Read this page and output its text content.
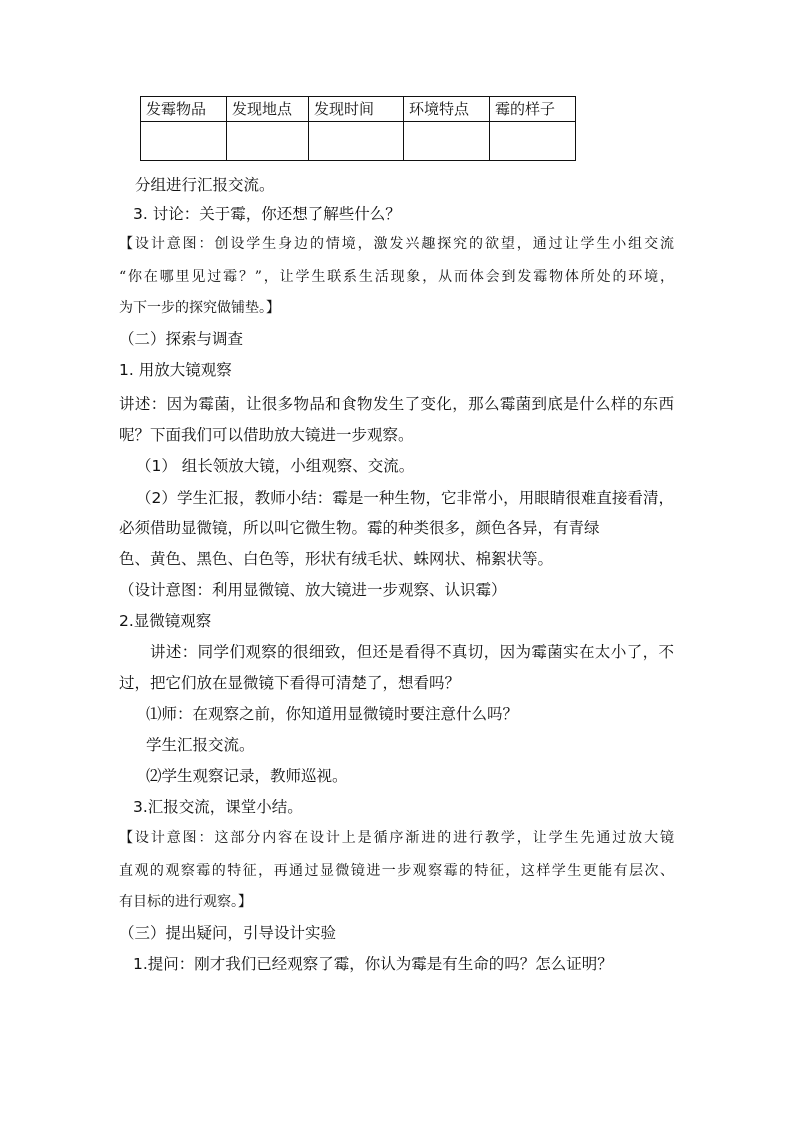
发霉物品	发现地点	发现时间	环境特点	霉的样子

分组进行汇报交流。
3. 讨论：关于霉，你还想了解些什么？
【设计意图：创设学生身边的情境，激发兴趣探究的欲望，通过让学生小组交流
“你在哪里见过霉？”，让学生联系生活现象，从而体会到发霉物体所处的环境，
为下一步的探究做铺垫。】
（二）探索与调查
1. 用放大镜观察
讲述：因为霉菌，让很多物品和食物发生了变化，那么霉菌到底是什么样的东西
呢？下面我们可以借助放大镜进一步观察。
（1） 组长领放大镜，小组观察、交流。
（2）学生汇报，教师小结：霉是一种生物，它非常小，用眼睛很难直接看清，
必须借助显微镜，所以叫它微生物。霉的种类很多，颜色各异，有青绿
色、黄色、黑色、白色等，形状有绒毛状、蛛网状、棉絮状等。
（设计意图：利用显微镜、放大镜进一步观察、认识霉）
2.显微镜观察
讲述：同学们观察的很细致，但还是看得不真切，因为霉菌实在太小了，不
过，把它们放在显微镜下看得可清楚了，想看吗？
⑴师：在观察之前，你知道用显微镜时要注意什么吗？
学生汇报交流。
⑵学生观察记录，教师巡视。
3.汇报交流，课堂小结。
【设计意图：这部分内容在设计上是循序渐进的进行教学，让学生先通过放大镜
直观的观察霉的特征，再通过显微镜进一步观察霉的特征，这样学生更能有层次、
有目标的进行观察。】
（三）提出疑问，引导设计实验
1.提问：刚才我们已经观察了霉，你认为霉是有生命的吗？怎么证明？
